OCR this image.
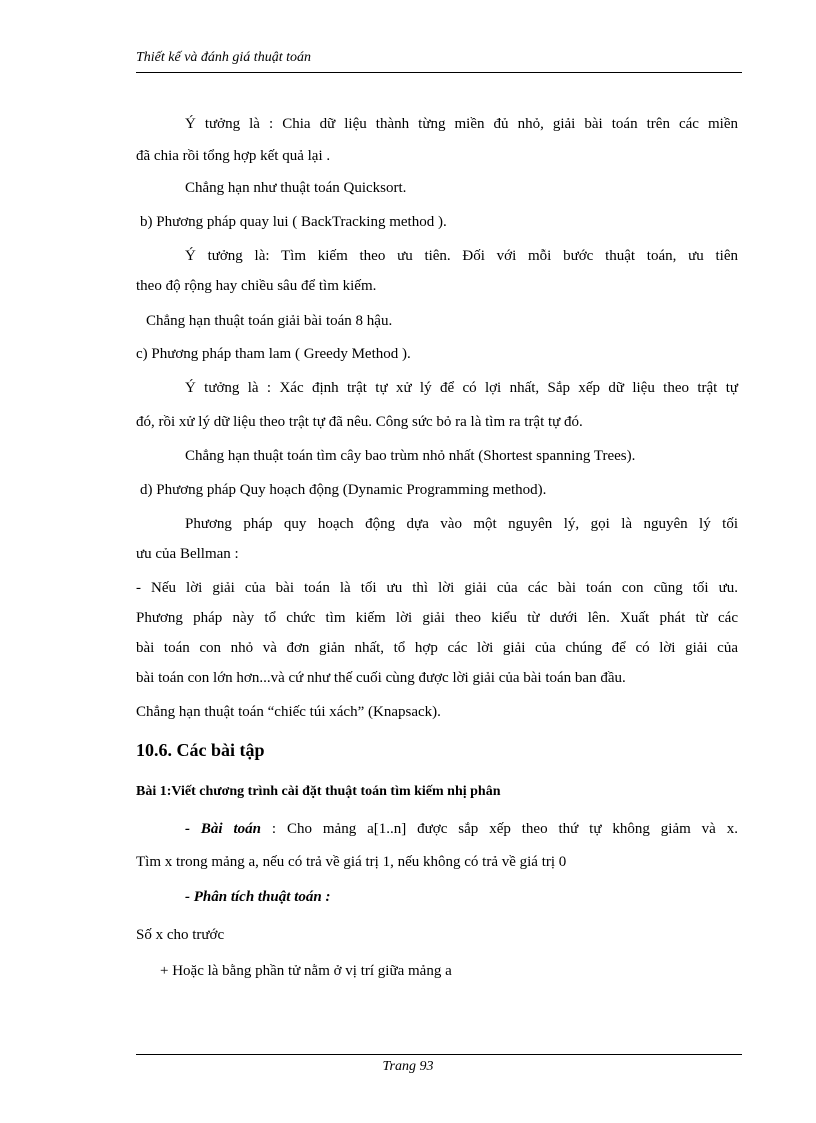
Thiết kế và đánh giá thuật toán
Ý tưởng là : Chia dữ liệu thành từng miền đủ nhỏ, giải bài toán trên các miền
đã chia rồi tổng hợp kết quả lại .
Chẳng hạn như thuật toán Quicksort.
b) Phương pháp quay lui ( BackTracking method ).
Ý tưởng là: Tìm kiếm theo ưu tiên. Đối với mỗi bước thuật toán, ưu tiên
theo độ rộng hay chiều sâu để tìm kiếm.
Chẳng hạn thuật toán giải bài toán 8 hậu.
c) Phương pháp tham lam ( Greedy Method ).
Ý tưởng là : Xác định trật tự xử lý để có lợi nhất, Sắp xếp dữ liệu theo trật tự
đó, rồi xử lý dữ liệu theo trật tự đã nêu. Công sức bỏ ra là tìm ra trật tự đó.
Chẳng hạn thuật toán tìm cây bao trùm nhỏ nhất (Shortest spanning Trees).
d) Phương pháp Quy hoạch động (Dynamic Programming method).
Phương pháp quy hoạch động dựa vào một nguyên lý, gọi là nguyên lý tối
ưu của Bellman :
- Nếu lời giải của bài toán là tối ưu thì lời giải của các bài toán con cũng tối ưu.
Phương pháp này tổ chức tìm kiếm lời giải theo kiểu từ dưới lên. Xuất phát từ các
bài toán con nhỏ và đơn giản nhất, tổ hợp các lời giải của chúng để có lời giải của
bài toán con lớn hơn...và cứ như thế cuối cùng được lời giải của bài toán ban đầu.
Chẳng hạn thuật toán “chiếc túi xách” (Knapsack).
10.6. Các bài tập
Bài 1:Viết chương trình cài đặt thuật toán tìm kiếm nhị phân
- Bài toán : Cho mảng a[1..n] được sắp xếp theo thứ tự không giảm và x.
Tìm x trong mảng a, nếu có trả về giá trị 1, nếu không có trả về giá trị 0
- Phân tích thuật toán :
Số x cho trước
+ Hoặc là bằng phần tử nằm ở vị trí giữa mảng a
Trang 93
